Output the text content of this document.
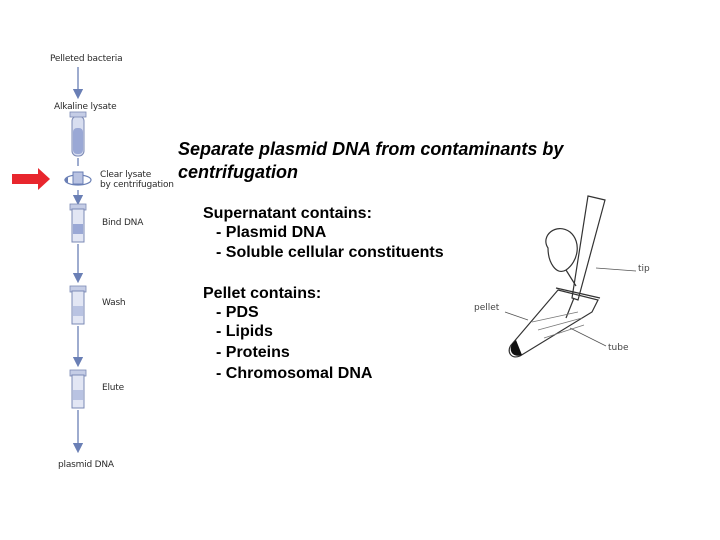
Pelleted bacteria
Alkaline lysate
Clear lysate
by centrifugation
Bind DNA
Wash
Elute
plasmid DNA
Separate plasmid DNA from contaminants by centrifugation
Supernatant contains:
- Plasmid DNA
- Soluble cellular constituents
Pellet contains:
- PDS
- Lipids
- Proteins
- Chromosomal DNA
tip
pellet
tube
